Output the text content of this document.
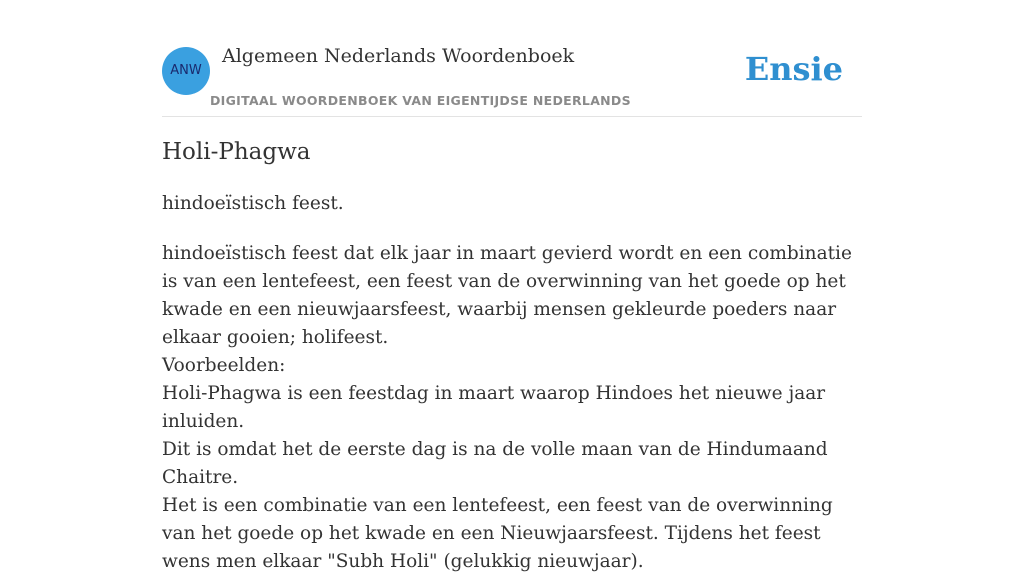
ANW
Algemeen Nederlands Woordenboek
DIGITAAL WOORDENBOEK VAN EIGENTIJDSE NEDERLANDS
Ensie
Holi-Phagwa

hindoeïstisch feest.

hindoeïstisch feest dat elk jaar in maart gevierd wordt en een combinatie is van een lentefeest, een feest van de overwinning van het goede op het kwade en een nieuwjaarsfeest, waarbij mensen gekleurde poeders naar elkaar gooien; holifeest.

Voorbeelden:

Holi-Phagwa is een feestdag in maart waarop Hindoes het nieuwe jaar inluiden.
Dit is omdat het de eerste dag is na de volle maan van de Hindumaand Chaitre.
Het is een combinatie van een lentefeest, een feest van de overwinning van het goede op het kwade en een Nieuwjaarsfeest. Tijdens het feest wens men elkaar "Subh Holi" (gelukkig nieuwjaar).
